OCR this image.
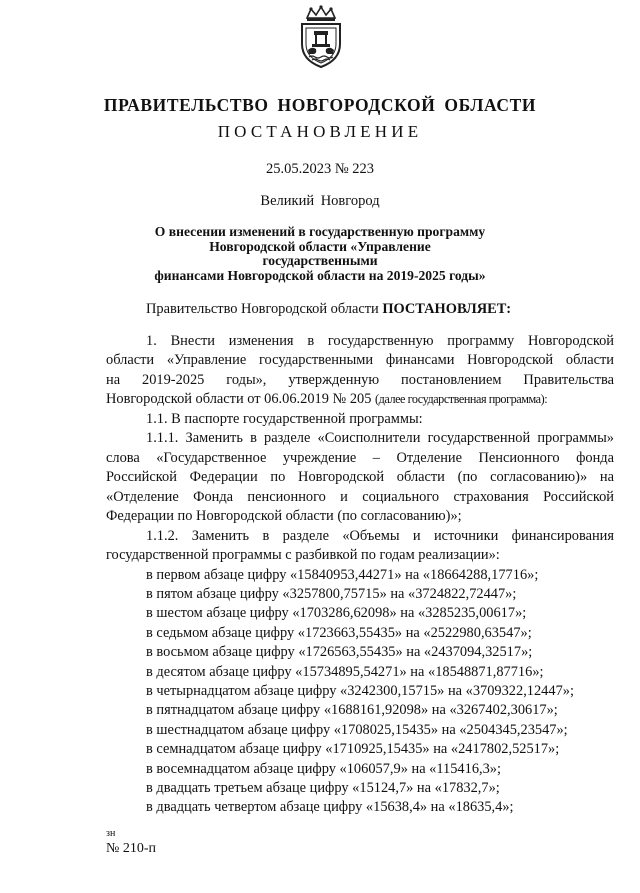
ПРАВИТЕЛЬСТВО НОВГОРОДСКОЙ ОБЛАСТИ
ПОСТАНОВЛЕНИЕ
25.05.2023 № 223
Великий Новгород
О внесении изменений в государственную программу
Новгородской области «Управление государственными
финансами Новгородской области на 2019-2025 годы»
Правительство Новгородской области ПОСТАНОВЛЯЕТ:
1. Внести изменения в государственную программу Новгородской
области «Управление государственными финансами Новгородской области
на 2019-2025 годы», утвержденную постановлением Правительства
Новгородской области от 06.06.2019 № 205 (далее государственная программа):
1.1. В паспорте государственной программы:
1.1.1. Заменить в разделе «Соисполнители государственной программы»
слова «Государственное учреждение – Отделение Пенсионного фонда
Российской Федерации по Новгородской области (по согласованию)» на
«Отделение Фонда пенсионного и социального страхования Российской
Федерации по Новгородской области (по согласованию)»;
1.1.2. Заменить в разделе «Объемы и источники финансирования
государственной программы с разбивкой по годам реализации»:
в первом абзаце цифру «15840953,44271» на «18664288,17716»;
в пятом абзаце цифру «3257800,75715» на «3724822,72447»;
в шестом абзаце цифру «1703286,62098» на «3285235,00617»;
в седьмом абзаце цифру «1723663,55435» на «2522980,63547»;
в восьмом абзаце цифру «1726563,55435» на «2437094,32517»;
в десятом абзаце цифру «15734895,54271» на «18548871,87716»;
в четырнадцатом абзаце цифру «3242300,15715» на «3709322,12447»;
в пятнадцатом абзаце цифру «1688161,92098» на «3267402,30617»;
в шестнадцатом абзаце цифру «1708025,15435» на «2504345,23547»;
в семнадцатом абзаце цифру «1710925,15435» на «2417802,52517»;
в восемнадцатом абзаце цифру «106057,9» на «115416,3»;
в двадцать третьем абзаце цифру «15124,7» на «17832,7»;
в двадцать четвертом абзаце цифру «15638,4» на «18635,4»;
зн
№ 210-п
